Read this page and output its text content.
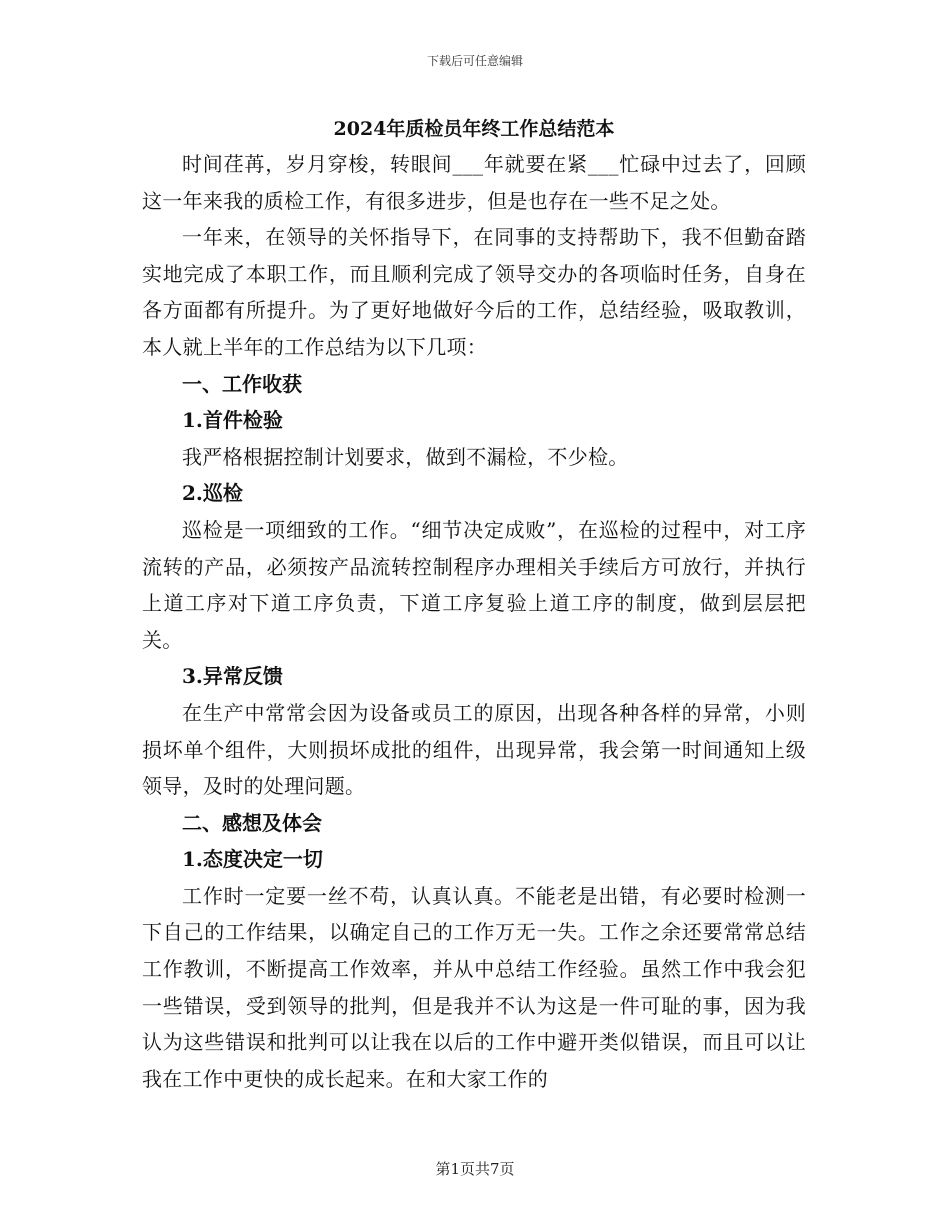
下载后可任意编辑
2024年质检员年终工作总结范本

时间荏苒，岁月穿梭，转眼间___年就要在紧___忙碌中过去了，回顾这一年来我的质检工作，有很多进步，但是也存在一些不足之处。

一年来，在领导的关怀指导下，在同事的支持帮助下，我不但勤奋踏实地完成了本职工作，而且顺利完成了领导交办的各项临时任务，自身在各方面都有所提升。为了更好地做好今后的工作，总结经验，吸取教训，本人就上半年的工作总结为以下几项：

一、工作收获

1.首件检验

我严格根据控制计划要求，做到不漏检，不少检。

2.巡检

巡检是一项细致的工作。“细节决定成败”，在巡检的过程中，对工序流转的产品，必须按产品流转控制程序办理相关手续后方可放行，并执行上道工序对下道工序负责，下道工序复验上道工序的制度，做到层层把关。

3.异常反馈

在生产中常常会因为设备或员工的原因，出现各种各样的异常，小则损坏单个组件，大则损坏成批的组件，出现异常，我会第一时间通知上级领导，及时的处理问题。

二、感想及体会

1.态度决定一切

工作时一定要一丝不苟，认真认真。不能老是出错，有必要时检测一下自己的工作结果，以确定自己的工作万无一失。工作之余还要常常总结工作教训，不断提高工作效率，并从中总结工作经验。虽然工作中我会犯一些错误，受到领导的批判，但是我并不认为这是一件可耻的事，因为我认为这些错误和批判可以让我在以后的工作中避开类似错误，而且可以让我在工作中更快的成长起来。在和大家工作的

第1页共7页
